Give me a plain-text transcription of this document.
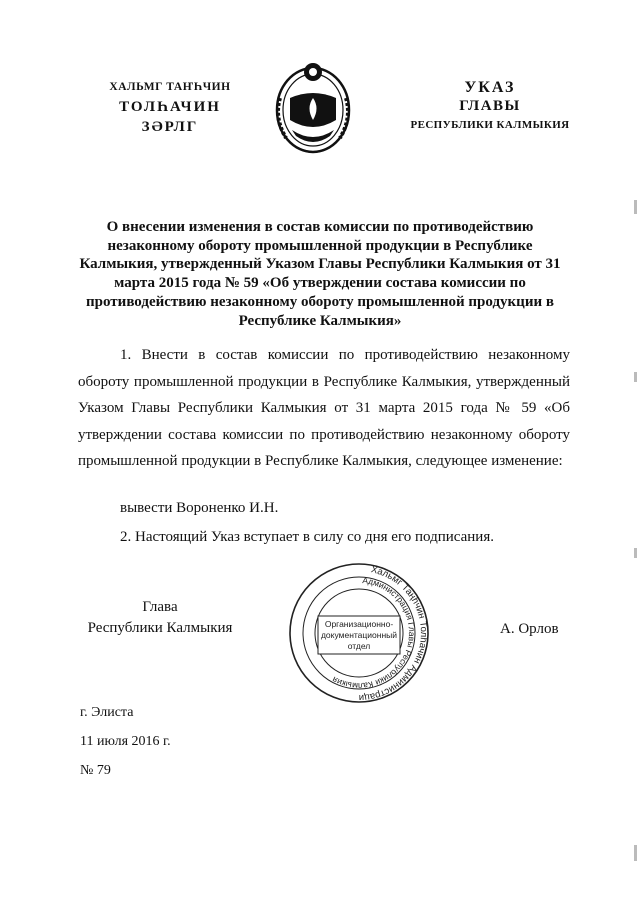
ХАЛЬМГ ТАҤҺЧИН
ТОЛҺАЧИН
ЗӘРЛГ
УКАЗ
ГЛАВЫ
РЕСПУБЛИКИ КАЛМЫКИЯ
О внесении изменения в состав комиссии по противодействию незаконному обороту промышленной продукции в Республике Калмыкия, утвержденный Указом Главы Республики Калмыкия от 31 марта 2015 года № 59 «Об утверждении состава комиссии по противодействию незаконному обороту промышленной продукции в Республике Калмыкия»
1. Внести в состав комиссии по противодействию незаконному обороту промышленной продукции в Республике Калмыкия, утвержденный Указом Главы Республики Калмыкия от 31 марта 2015 года № 59 «Об утверждении состава комиссии по противодействию незаконному обороту промышленной продукции в Республике Калмыкия, следующее изменение:
вывести Вороненко И.Н.
2. Настоящий Указ вступает в силу со дня его подписания.
Глава
Республики Калмыкия
Хальмг Таңһчин Толһачин Администраци
Администрация Главы Республики Калмыкия
Организационно-
документационный
отдел
А. Орлов
г. Элиста
11 июля 2016 г.
№ 79
